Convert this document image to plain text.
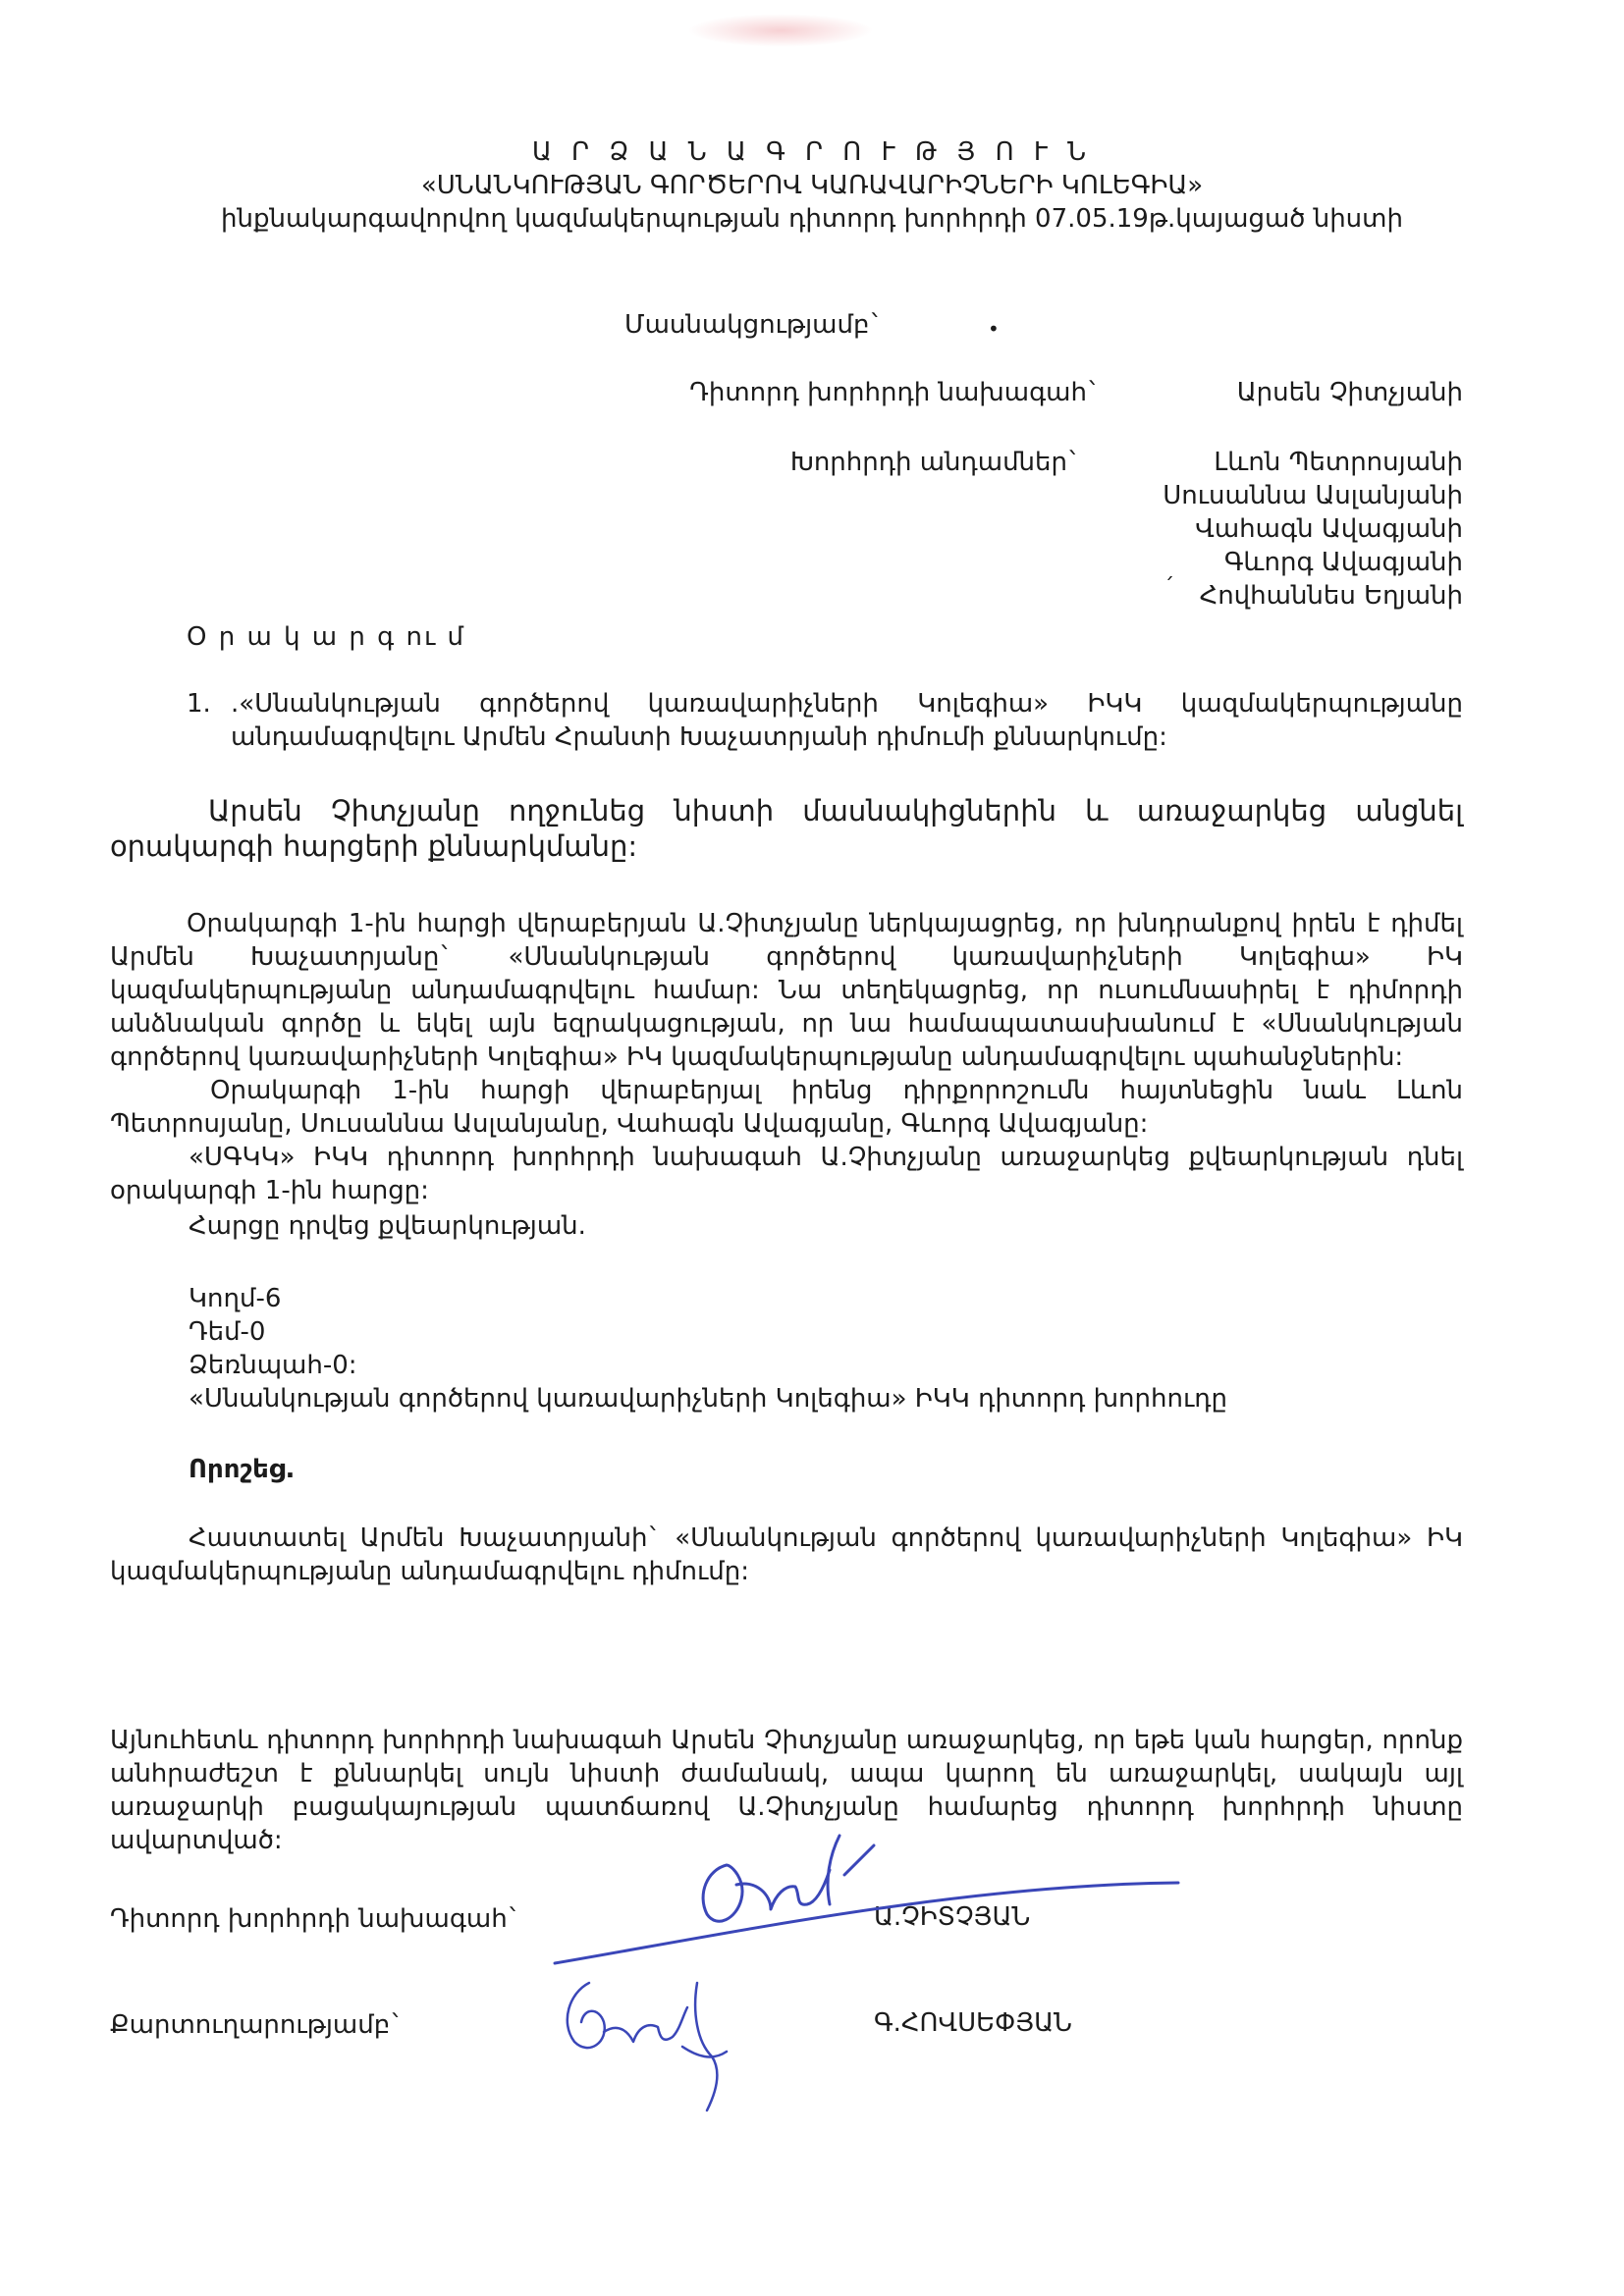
Ա Ր Ձ Ա Ն Ա Գ Ր Ո Ւ Թ Յ Ո Ւ Ն
«ՍՆԱՆԿՈՒԹՅԱՆ ԳՈՐԾԵՐՈՎ ԿԱՌԱՎԱՐԻՉՆԵՐԻ ԿՈԼԵԳԻԱ»
ինքնակարգավորվող կազմակերպության դիտորդ խորհրդի 07.05.19թ.կայացած նիստի
Մասնակցությամբ`	•
Դիտորդ խորհրդի նախագահ`	Արսեն Չիտչյանի
Խորհրդի անդամներ`	Լևոն Պետրոսյանի
Սուսաննա Ասլանյանի
Վահագն Ավագյանի
Գևորգ Ավագյանի
ˊ Հովհաննես Եղյանի
Օ ր ա կ ա ր գ ու մ
1. .«Սնանկության գործերով կառավարիչների Կոլեգիա» ԻԿԿ կազմակերպությանը անդամագրվելու Արմեն Հրանտի Խաչատրյանի դիմումի քննարկումը:
Արսեն Չիտչյանը ողջունեց նիստի մասնակիցներին և առաջարկեց անցնել օրակարգի հարցերի քննարկմանը:
Օրակարգի 1-ին հարցի վերաբերյան Ա.Չիտչյանը ներկայացրեց, որ խնդրանքով իրեն է դիմել Արմեն Խաչատրյանը` «Սնանկության գործերով կառավարիչների Կոլեգիա» ԻԿ կազմակերպությանը անդամագրվելու համար: Նա տեղեկացրեց, որ ուսումնասիրել է դիմորդի անձնական գործը և եկել այն եզրակացության, որ նա համապատասխանում է «Սնանկության գործերով կառավարիչների Կոլեգիա» ԻԿ կազմակերպությանը անդամագրվելու պահանջներին:
Օրակարգի 1-ին հարցի վերաբերյալ իրենց դիրքորոշումն հայտնեցին նաև Լևոն Պետրոսյանը, Սուսաննա Ասլանյանը, Վահագն Ավագյանը, Գևորգ Ավագյանը:
«ՍԳԿԿ» ԻԿԿ դիտորդ խորհրդի նախագահ Ա.Չիտչյանը առաջարկեց քվեարկության դնել օրակարգի 1-ին հարցը:
Հարցը դրվեց քվեարկության.
Կողմ-6
Դեմ-0
Ձեռնպահ-0:
«Սնանկության գործերով կառավարիչների Կոլեգիա» ԻԿԿ դիտորդ խորհուդը
Որոշեց.
Հաստատել Արմեն Խաչատրյանի` «Սնանկության գործերով կառավարիչների Կոլեգիա» ԻԿ կազմակերպությանը անդամագրվելու դիմումը:
Այնուհետև դիտորդ խորհրդի նախագահ Արսեն Չիտչյանը առաջարկեց, որ եթե կան հարցեր, որոնք անհրաժեշտ է քննարկել սույն նիստի ժամանակ, ապա կարող են առաջարկել, սակայն այլ առաջարկի բացակայության պատճառով Ա.Չիտչյանը համարեց դիտորդ խորհրդի նիստը ավարտված:
Դիտորդ խորհրդի նախագահ`	Ա.ՉԻՏՉՅԱՆ
Քարտուղարությամբ`	Գ.ՀՈՎՍԵՓՅԱՆ
